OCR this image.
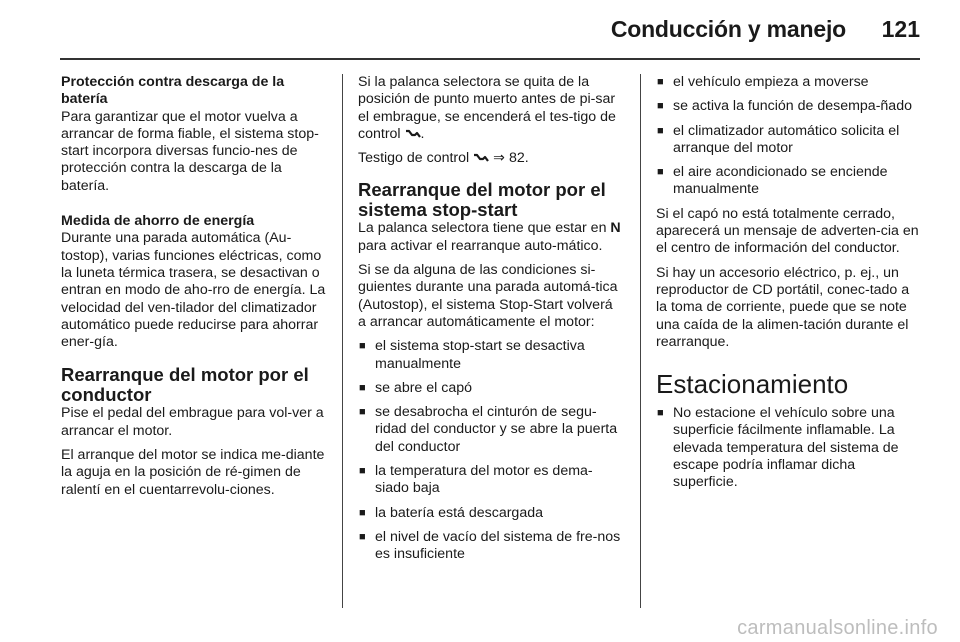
Conducción y manejo 121
Protección contra descarga de la batería

Para garantizar que el motor vuelva a arrancar de forma fiable, el sistema stop-start incorpora diversas funcio-nes de protección contra la descarga de la batería.

Medida de ahorro de energía

Durante una parada automática (Au-tostop), varias funciones eléctricas, como la luneta térmica trasera, se desactivan o entran en modo de aho-rro de energía. La velocidad del ven-tilador del climatizador automático puede reducirse para ahorrar ener-gía.

Rearranque del motor por el conductor

Pise el pedal del embrague para vol-ver a arrancar el motor.

El arranque del motor se indica me-diante la aguja en la posición de ré-gimen de ralentí en el cuentarrevolu-ciones.

Si la palanca selectora se quita de la posición de punto muerto antes de pi-sar el embrague, se encenderá el tes-tigo de control .

Testigo de control ⇒ 82.

Rearranque del motor por el sistema stop-start

La palanca selectora tiene que estar en N para activar el rearranque auto-mático.

Si se da alguna de las condiciones si-guientes durante una parada automá-tica (Autostop), el sistema Stop-Start volverá a arrancar automáticamente el motor:

■ el sistema stop-start se desactiva manualmente
■ se abre el capó
■ se desabrocha el cinturón de segu-ridad del conductor y se abre la puerta del conductor
■ la temperatura del motor es dema-siado baja
■ la batería está descargada
■ el nivel de vacío del sistema de fre-nos es insuficiente
■ el vehículo empieza a moverse
■ se activa la función de desempa-ñado
■ el climatizador automático solicita el arranque del motor
■ el aire acondicionado se enciende manualmente

Si el capó no está totalmente cerrado, aparecerá un mensaje de adverten-cia en el centro de información del conductor.

Si hay un accesorio eléctrico, p. ej., un reproductor de CD portátil, conec-tado a la toma de corriente, puede que se note una caída de la alimen-tación durante el rearranque.

Estacionamiento
■ No estacione el vehículo sobre una superficie fácilmente inflamable. La elevada temperatura del sistema de escape podría inflamar dicha superficie.
carmanualsonline.info
